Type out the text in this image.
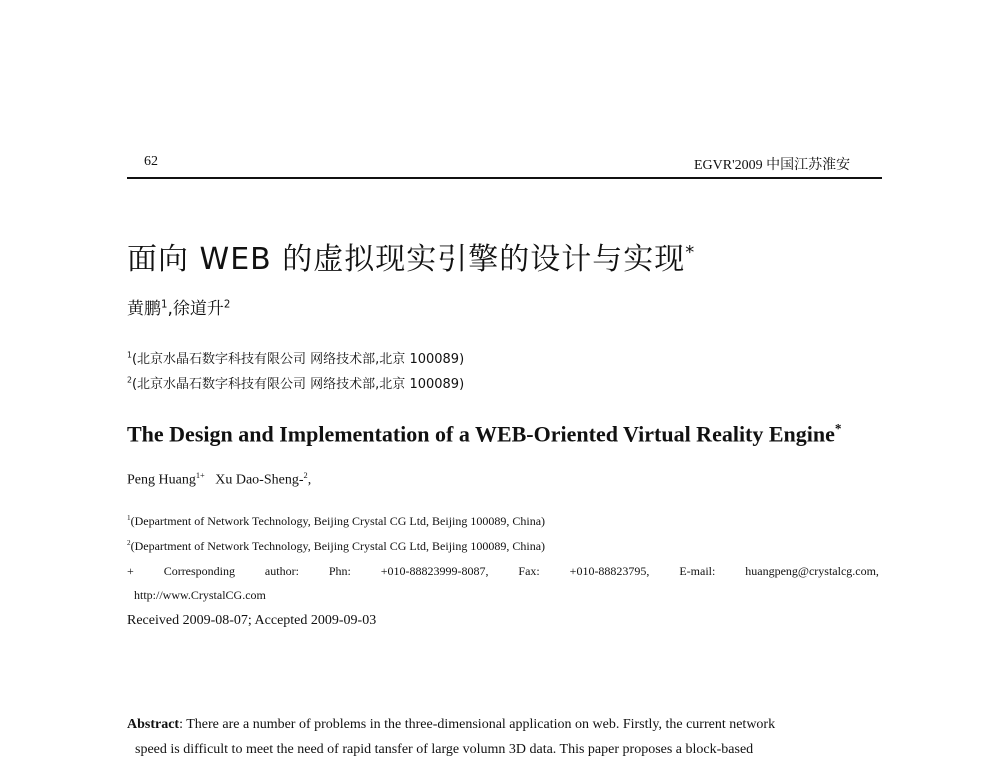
62	EGVR'2009 中国江苏淮安
面向 WEB 的虚拟现实引擎的设计与实现*
黄鹏$^1$,徐道升$^2$
$^1$(北京水晶石数字科技有限公司 网络技术部,北京 100089)
$^2$(北京水晶石数字科技有限公司 网络技术部,北京 100089)
The Design and Implementation of a WEB-Oriented Virtual Reality Engine*
Peng Huang$^{1+}$ Xu Dao-Sheng-$^2$,
$^1$(Department of Network Technology, Beijing Crystal CG Ltd, Beijing 100089, China)
$^2$(Department of Network Technology, Beijing Crystal CG Ltd, Beijing 100089, China)
+ Corresponding author: Phn: +010-88823999-8087, Fax: +010-88823795, E-mail: huangpeng@crystalcg.com,
http://www.CrystalCG.com
Received 2009-08-07; Accepted 2009-09-03
Abstract: There are a number of problems in the three-dimensional application on web. Firstly, the current network
speed is difficult to meet the need of rapid tansfer of large volumn 3D data. This paper proposes a block-based
